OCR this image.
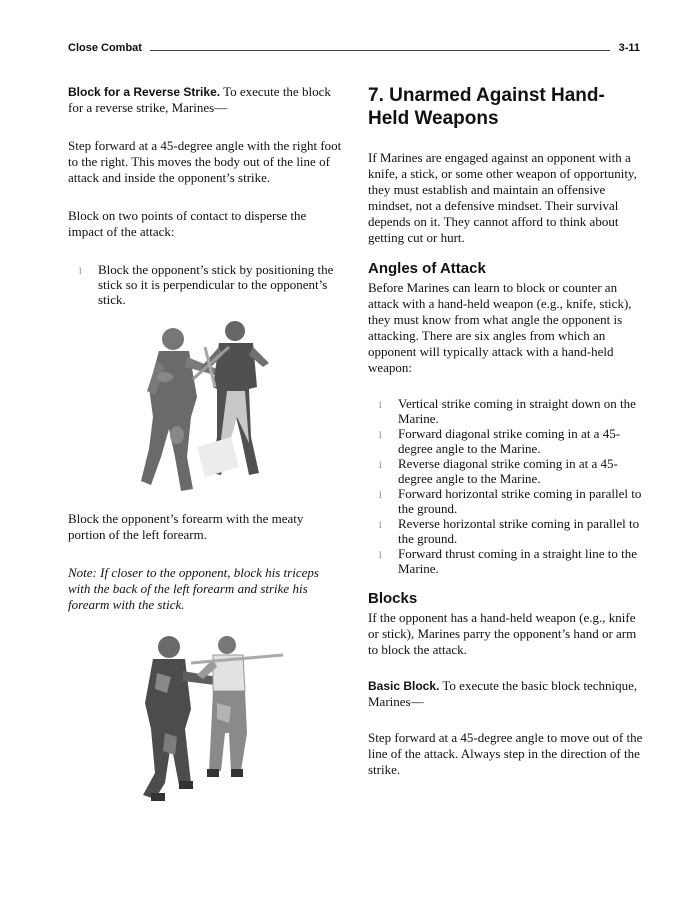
Close Combat	3-11

Block for a Reverse Strike. To execute the block for a reverse strike, Marines—

Step forward at a 45-degree angle with the right foot to the right. This moves the body out of the line of attack and inside the opponent’s strike.

Block on two points of contact to disperse the impact of the attack:

l Block the opponent’s stick by positioning the stick so it is perpendicular to the opponent’s stick.

Block the opponent’s forearm with the meaty portion of the left forearm.

Note: If closer to the opponent, block his triceps with the back of the left forearm and strike his forearm with the stick.

7. Unarmed Against Hand-Held Weapons

If Marines are engaged against an opponent with a knife, a stick, or some other weapon of opportunity, they must establish and maintain an offensive mindset, not a defensive mindset. Their survival depends on it. They cannot afford to think about getting cut or hurt.

Angles of Attack

Before Marines can learn to block or counter an attack with a hand-held weapon (e.g., knife, stick), they must know from what angle the opponent is attacking. There are six angles from which an opponent will typically attack with a hand-held weapon:

l Vertical strike coming in straight down on the Marine.
l Forward diagonal strike coming in at a 45-degree angle to the Marine.
l Reverse diagonal strike coming in at a 45-degree angle to the Marine.
l Forward horizontal strike coming in parallel to the ground.
l Reverse horizontal strike coming in parallel to the ground.
l Forward thrust coming in a straight line to the Marine.
Blocks

If the opponent has a hand-held weapon (e.g., knife or stick), Marines parry the opponent’s hand or arm to block the attack.

Basic Block. To execute the basic block technique, Marines—

Step forward at a 45-degree angle to move out of the line of the attack. Always step in the direction of the strike.
